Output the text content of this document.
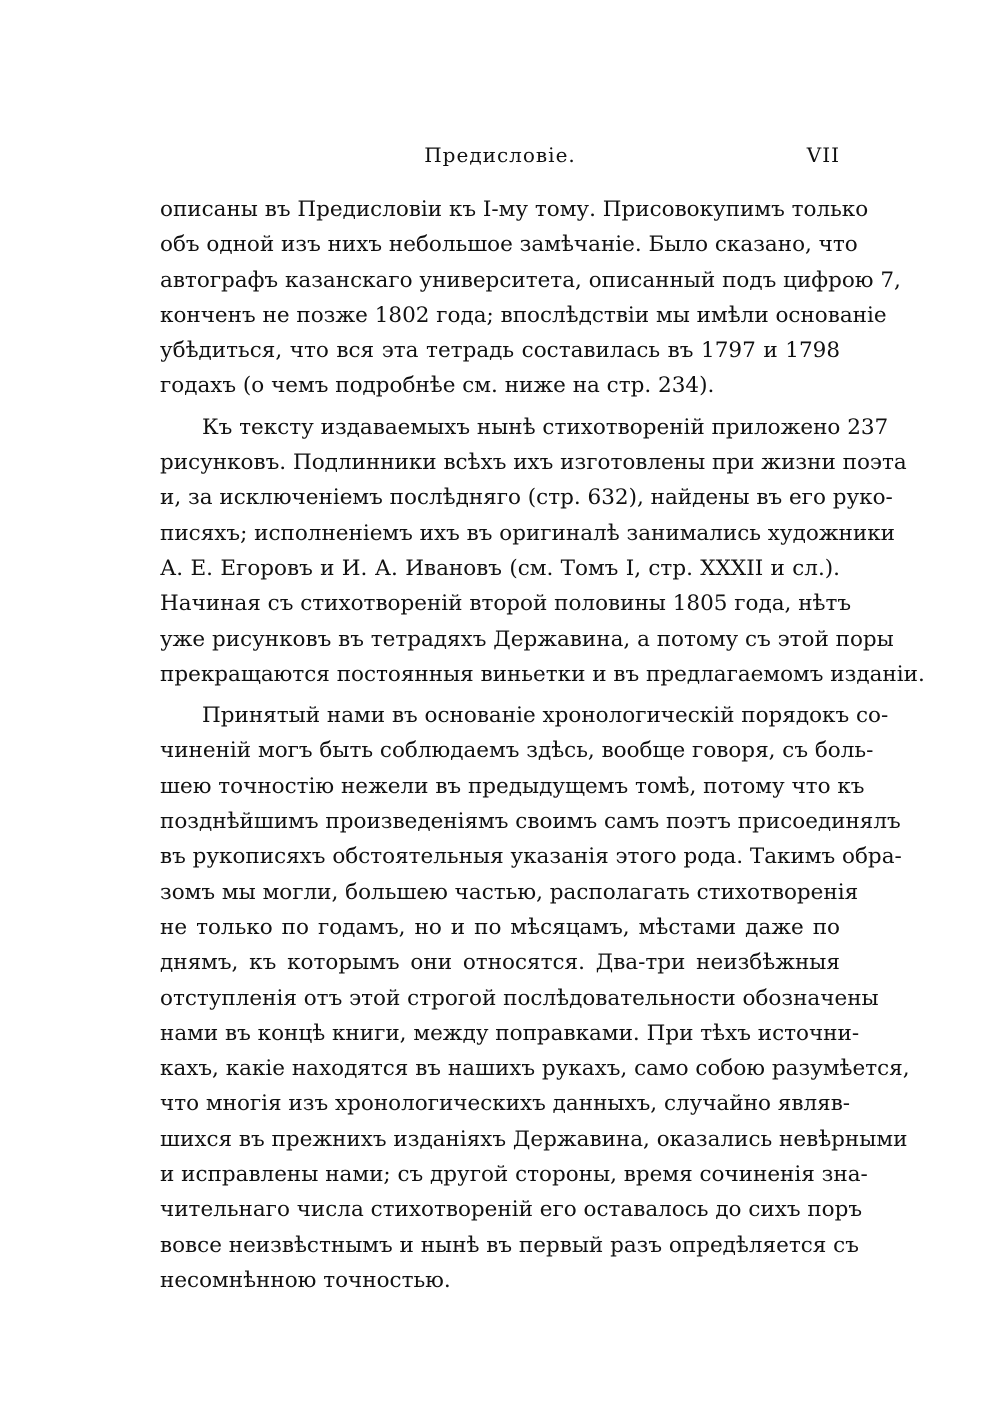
Предисловіе.	VII
описаны въ Предисловіи къ I-му тому. Присовокупимъ только
объ одной изъ нихъ небольшое замѣчаніе. Было сказано, что
автографъ казанскаго университета, описанный подъ цифрою 7,
конченъ не позже 1802 года; впослѣдствіи мы имѣли основаніе
убѣдиться, что вся эта тетрадь составилась въ 1797 и 1798
годахъ (о чемъ подробнѣе см. ниже на стр. 234).
Къ тексту издаваемыхъ нынѣ стихотвореній приложено 237
рисунковъ. Подлинники всѣхъ ихъ изготовлены при жизни поэта
и, за исключеніемъ послѣдняго (стр. 632), найдены въ его руко-
писяхъ; исполненіемъ ихъ въ оригиналѣ занимались художники
А. Е. Егоровъ и И. А. Ивановъ (см. Томъ I, стр. XXXII и сл.).
Начиная съ стихотвореній второй половины 1805 года, нѣтъ
уже рисунковъ въ тетрадяхъ Державина, а потому съ этой поры
прекращаются постоянныя виньетки и въ предлагаемомъ изданіи.
Принятый нами въ основаніе хронологическій порядокъ со-
чиненій могъ быть соблюдаемъ здѣсь, вообще говоря, съ боль-
шею точностію нежели въ предыдущемъ томѣ, потому что къ
позднѣйшимъ произведеніямъ своимъ самъ поэтъ присоединялъ
въ рукописяхъ обстоятельныя указанія этого рода. Такимъ обра-
зомъ мы могли, большею частью, располагать стихотворенія
не только по годамъ, но и по мѣсяцамъ, мѣстами даже по
днямъ, къ которымъ они относятся. Два-три неизбѣжныя
отступленія отъ этой строгой послѣдовательности обозначены
нами въ концѣ книги, между поправками. При тѣхъ источни-
кахъ, какіе находятся въ нашихъ рукахъ, само собою разумѣется,
что многія изъ хронологическихъ данныхъ, случайно являв-
шихся въ прежнихъ изданіяхъ Державина, оказались невѣрными
и исправлены нами; съ другой стороны, время сочиненія зна-
чительнаго числа стихотвореній его оставалось до сихъ поръ
вовсе неизвѣстнымъ и нынѣ въ первый разъ опредѣляется съ
несомнѣнною точностью.
